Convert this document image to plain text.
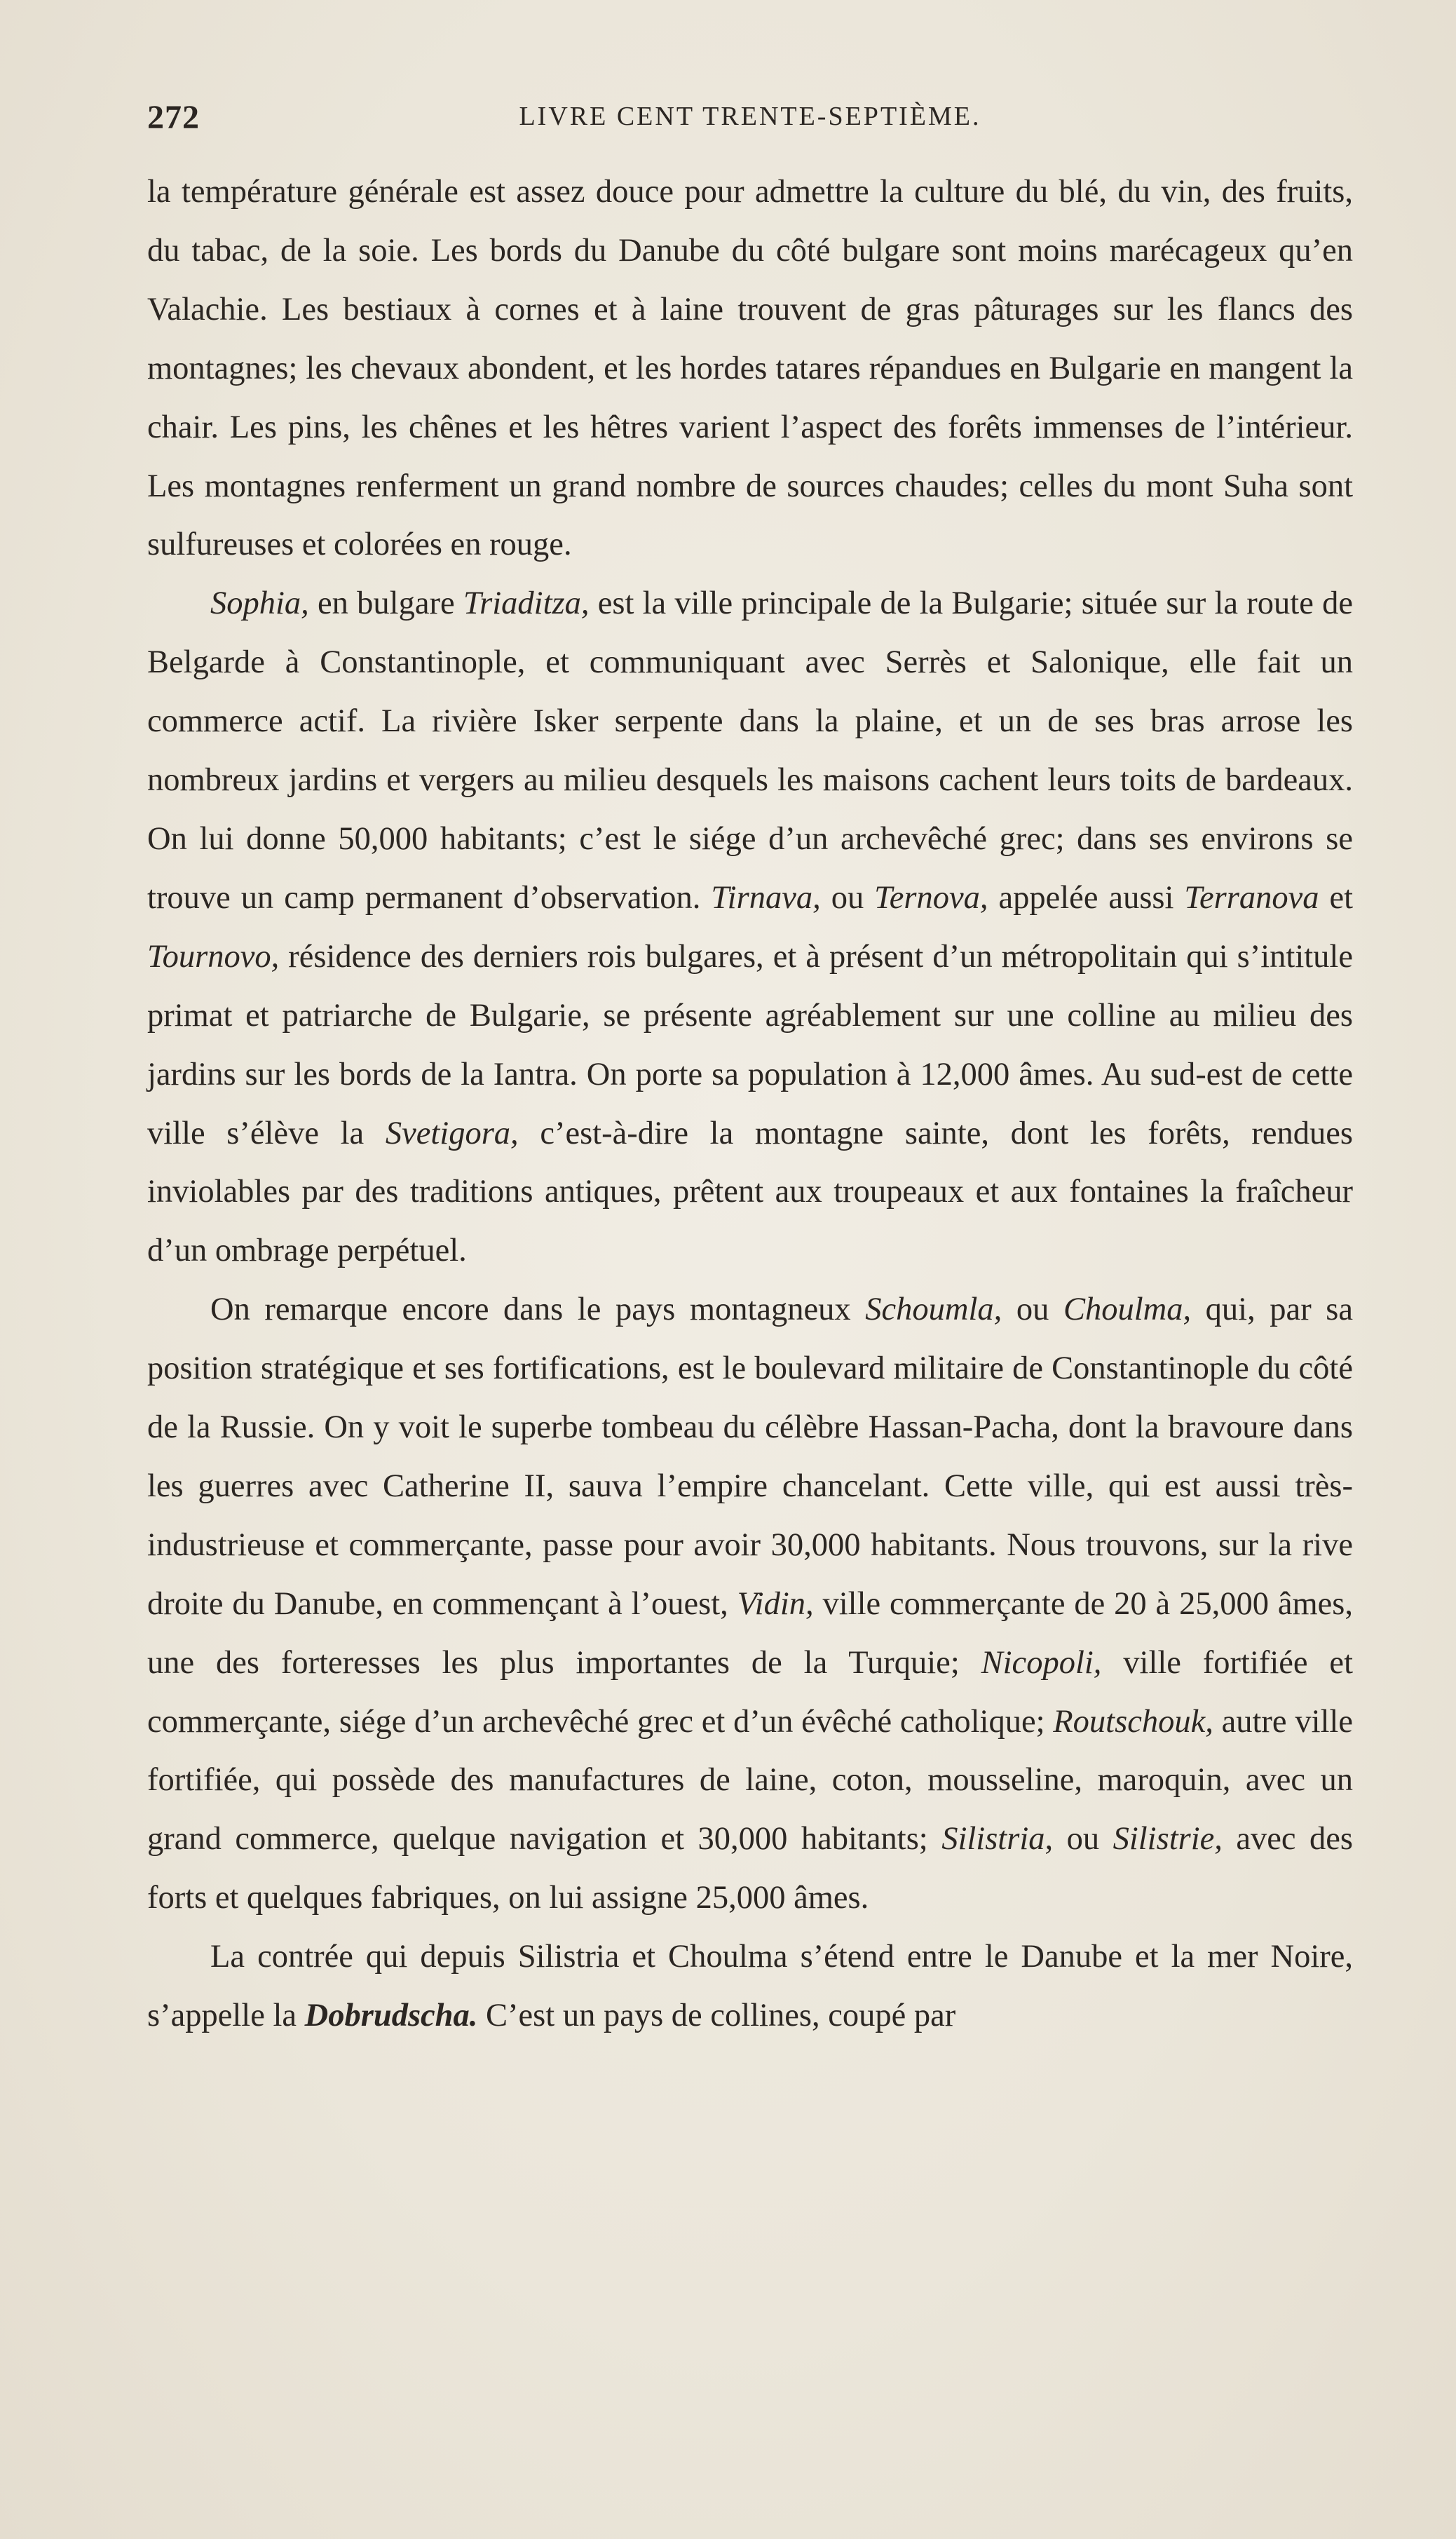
272	LIVRE CENT TRENTE-SEPTIÈME.

la température générale est assez douce pour admettre la culture du blé, du vin, des fruits, du tabac, de la soie. Les bords du Danube du côté bulgare sont moins marécageux qu’en Valachie. Les bestiaux à cornes et à laine trouvent de gras pâturages sur les flancs des montagnes; les chevaux abondent, et les hordes tatares répandues en Bulgarie en mangent la chair. Les pins, les chênes et les hêtres varient l’aspect des forêts immenses de l’intérieur. Les montagnes renferment un grand nombre de sources chaudes; celles du mont Suha sont sulfureuses et colorées en rouge.

Sophia, en bulgare Triaditza, est la ville principale de la Bulgarie; située sur la route de Belgarde à Constantinople, et communiquant avec Serrès et Salonique, elle fait un commerce actif. La rivière Isker serpente dans la plaine, et un de ses bras arrose les nombreux jardins et vergers au milieu desquels les maisons cachent leurs toits de bardeaux. On lui donne 50,000 habitants; c’est le siége d’un archevêché grec; dans ses environs se trouve un camp permanent d’observation. Tirnava, ou Ternova, appelée aussi Terranova et Tournovo, résidence des derniers rois bulgares, et à présent d’un métropolitain qui s’intitule primat et patriarche de Bulgarie, se présente agréablement sur une colline au milieu des jardins sur les bords de la Iantra. On porte sa population à 12,000 âmes. Au sud-est de cette ville s’élève la Svetigora, c’est-à-dire la montagne sainte, dont les forêts, rendues inviolables par des traditions antiques, prêtent aux troupeaux et aux fontaines la fraîcheur d’un ombrage perpétuel.

On remarque encore dans le pays montagneux Schoumla, ou Choulma, qui, par sa position stratégique et ses fortifications, est le boulevard militaire de Constantinople du côté de la Russie. On y voit le superbe tombeau du célèbre Hassan-Pacha, dont la bravoure dans les guerres avec Catherine II, sauva l’empire chancelant. Cette ville, qui est aussi très-industrieuse et commerçante, passe pour avoir 30,000 habitants. Nous trouvons, sur la rive droite du Danube, en commençant à l’ouest, Vidin, ville commerçante de 20 à 25,000 âmes, une des forteresses les plus importantes de la Turquie; Nicopoli, ville fortifiée et commerçante, siége d’un archevêché grec et d’un évêché catholique; Routschouk, autre ville fortifiée, qui possède des manufactures de laine, coton, mousseline, maroquin, avec un grand commerce, quelque navigation et 30,000 habitants; Silistria, ou Silistrie, avec des forts et quelques fabriques, on lui assigne 25,000 âmes.

La contrée qui depuis Silistria et Choulma s’étend entre le Danube et la mer Noire, s’appelle la Dobrudscha. C’est un pays de collines, coupé par
